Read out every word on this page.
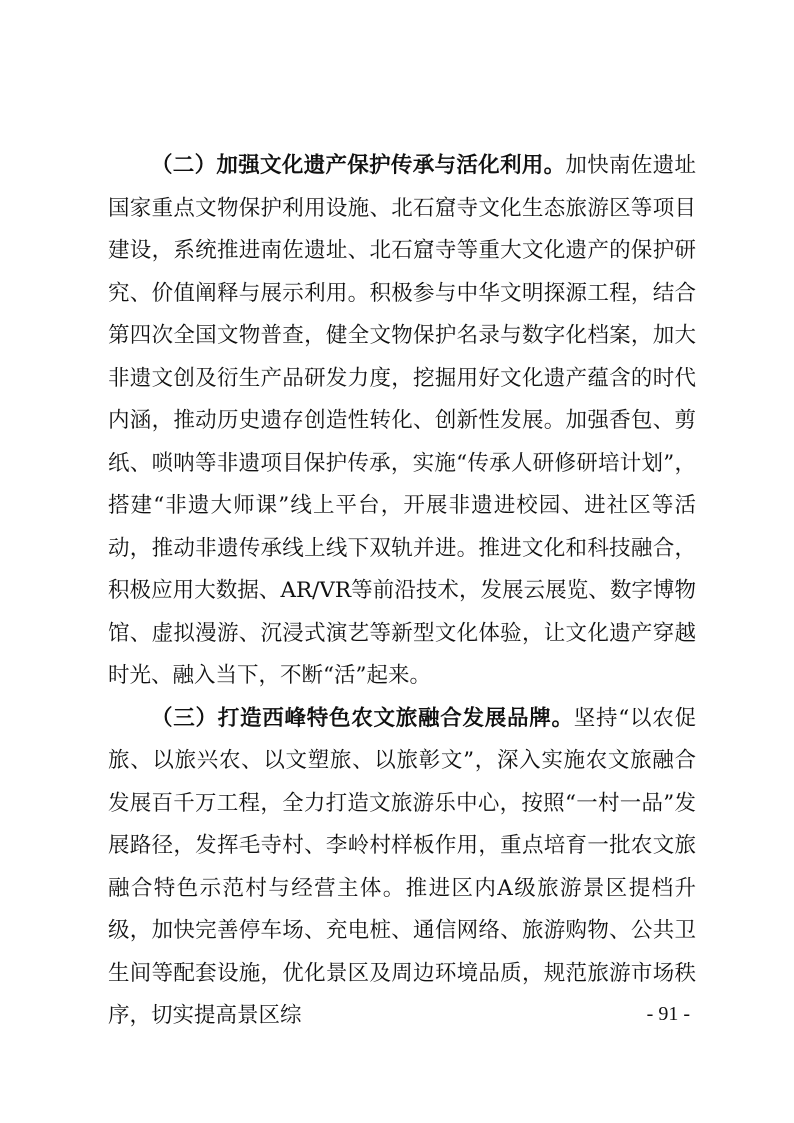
（二）加强文化遗产保护传承与活化利用。加快南佐遗址国家重点文物保护利用设施、北石窟寺文化生态旅游区等项目建设，系统推进南佐遗址、北石窟寺等重大文化遗产的保护研究、价值阐释与展示利用。积极参与中华文明探源工程，结合第四次全国文物普查，健全文物保护名录与数字化档案，加大非遗文创及衍生产品研发力度，挖掘用好文化遗产蕴含的时代内涵，推动历史遗存创造性转化、创新性发展。加强香包、剪纸、唢呐等非遗项目保护传承，实施“传承人研修研培计划”，搭建“非遗大师课”线上平台，开展非遗进校园、进社区等活动，推动非遗传承线上线下双轨并进。推进文化和科技融合，积极应用大数据、AR/VR等前沿技术，发展云展览、数字博物馆、虚拟漫游、沉浸式演艺等新型文化体验，让文化遗产穿越时光、融入当下，不断“活”起来。

（三）打造西峰特色农文旅融合发展品牌。坚持“以农促旅、以旅兴农、以文塑旅、以旅彰文”，深入实施农文旅融合发展百千万工程，全力打造文旅游乐中心，按照“一村一品”发展路径，发挥毛寺村、李岭村样板作用，重点培育一批农文旅融合特色示范村与经营主体。推进区内A级旅游景区提档升级，加快完善停车场、充电桩、通信网络、旅游购物、公共卫生间等配套设施，优化景区及周边环境品质，规范旅游市场秩序，切实提高景区综	- 91 -
